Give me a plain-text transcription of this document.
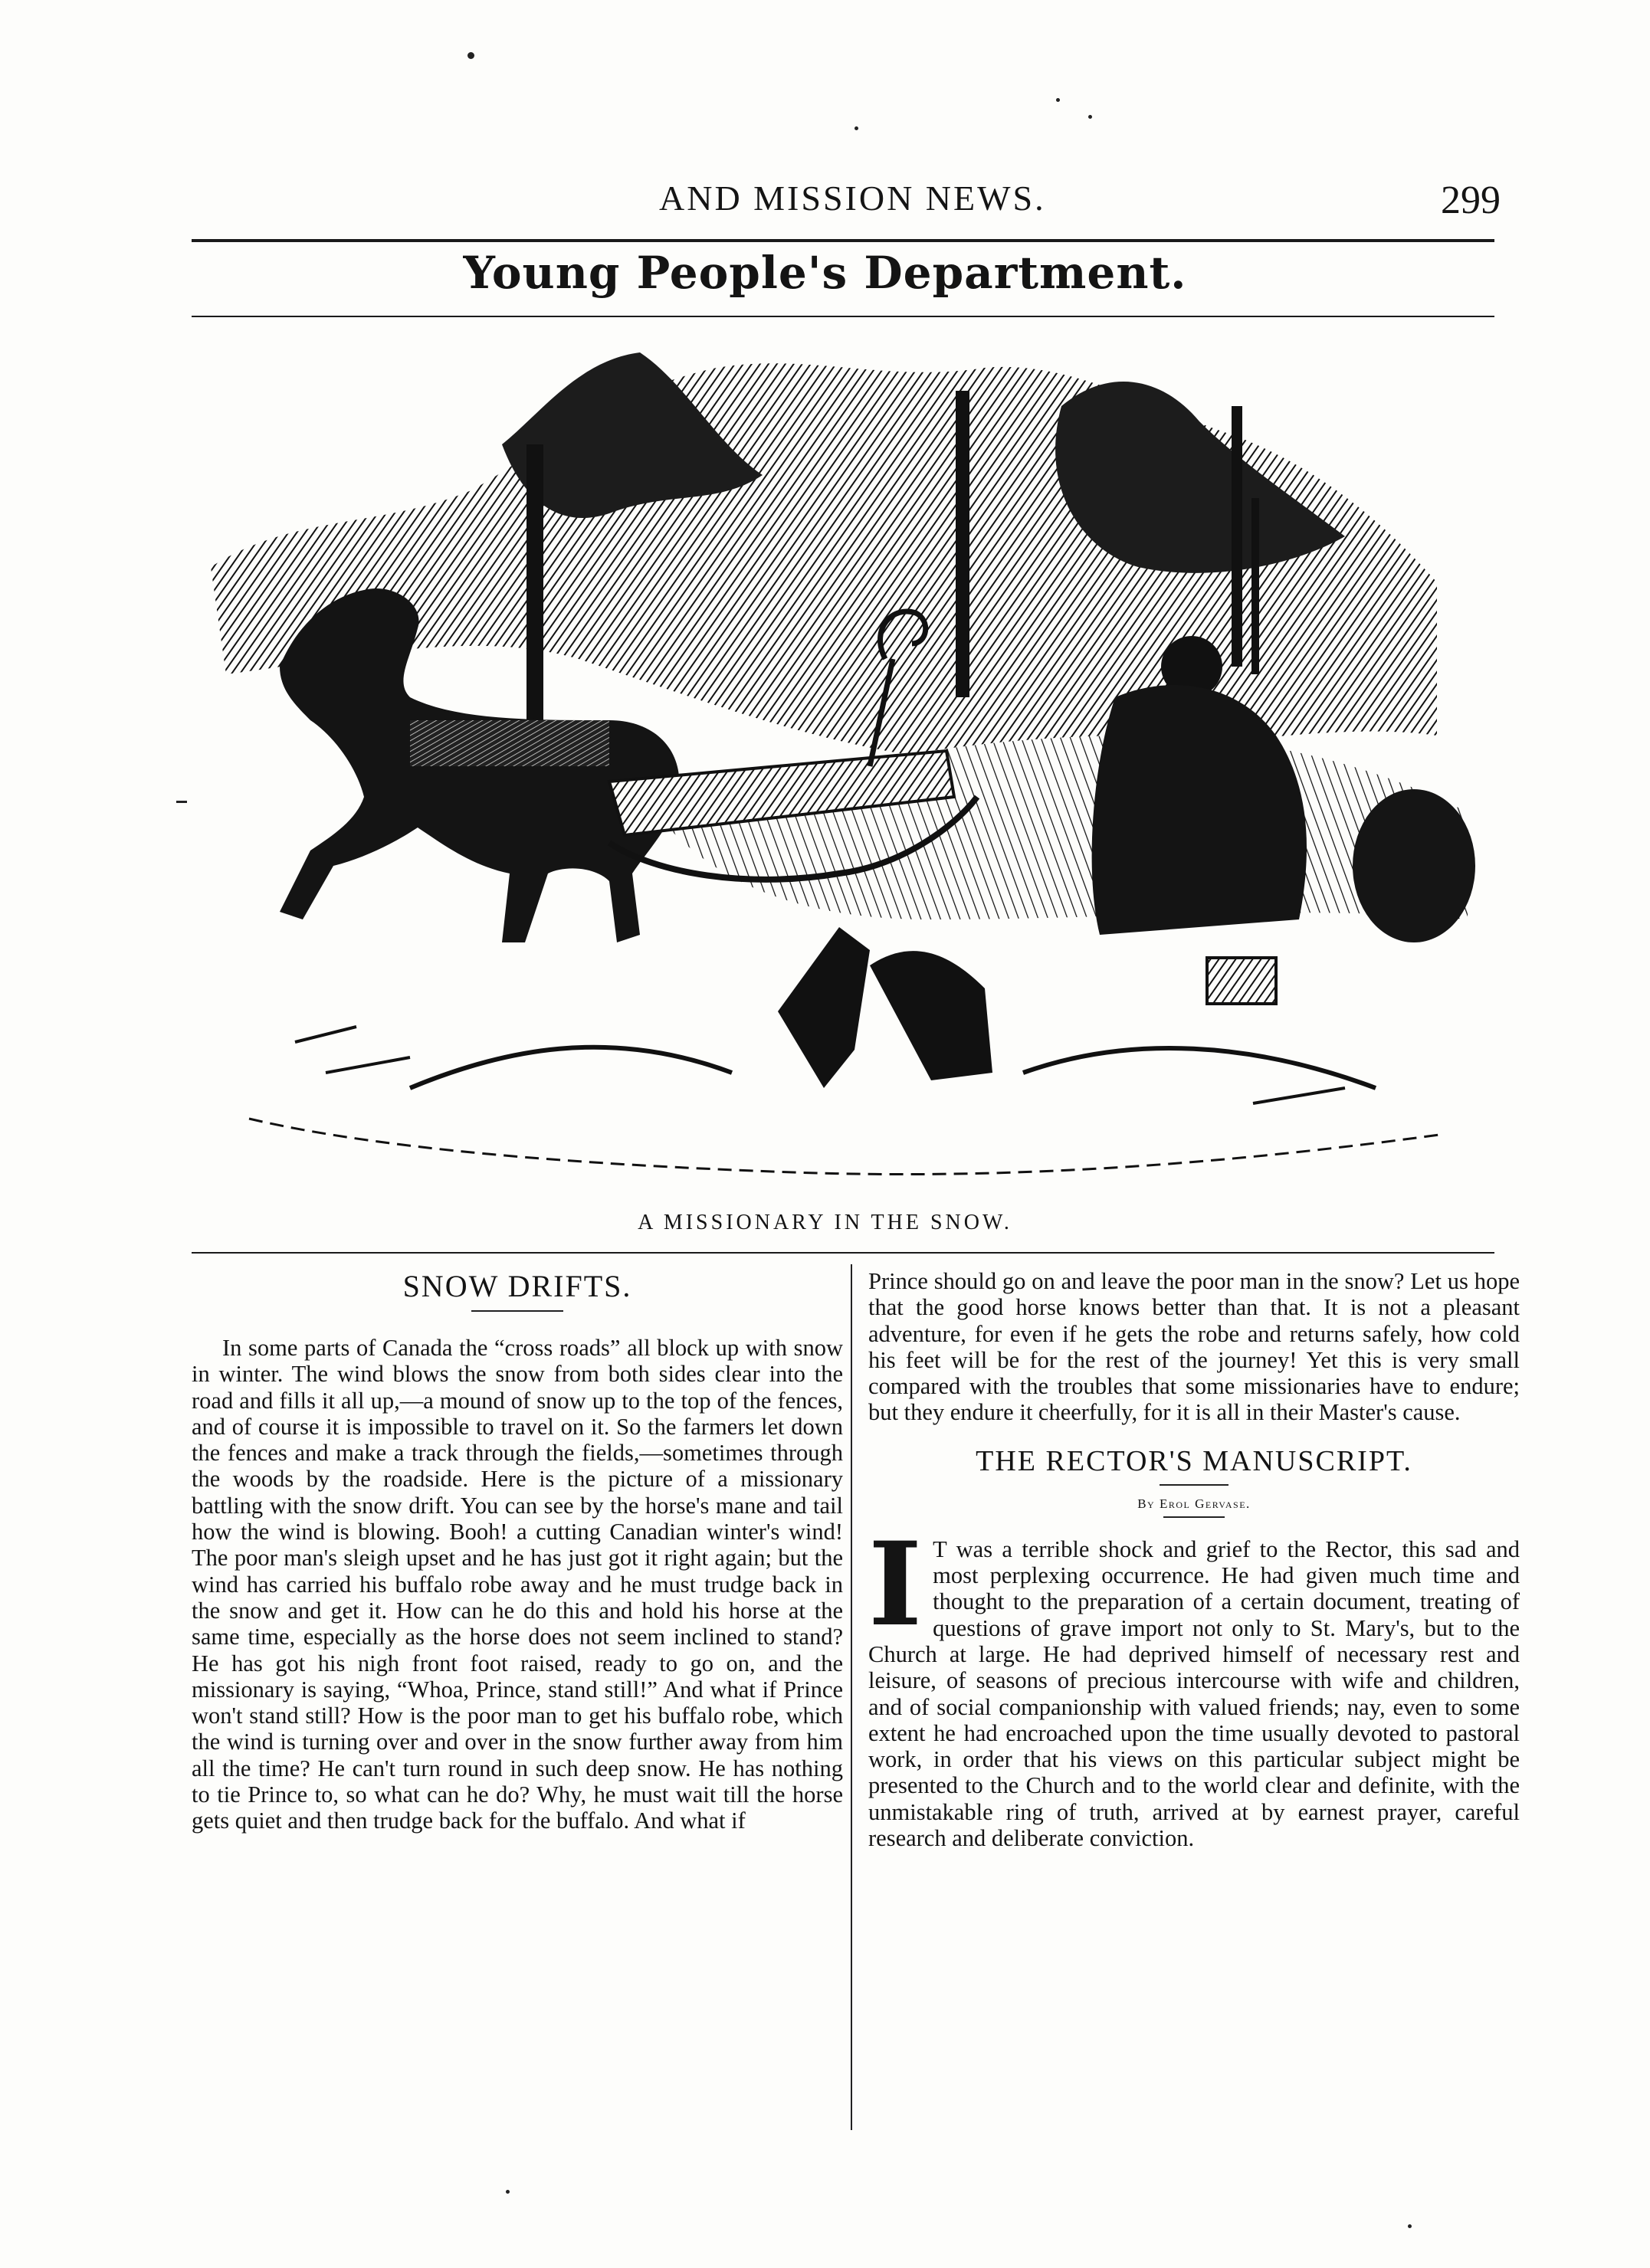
AND MISSION NEWS.	299
Young People's Department.
A MISSIONARY IN THE SNOW.
SNOW DRIFTS.

In some parts of Canada the “cross roads” all block up with snow in winter. The wind blows the snow from both sides clear into the road and fills it all up,—a mound of snow up to the top of the fences, and of course it is impossible to travel on it. So the farmers let down the fences and make a track through the fields,—sometimes through the woods by the roadside. Here is the picture of a missionary battling with the snow drift. You can see by the horse's mane and tail how the wind is blowing. Booh! a cutting Canadian winter's wind! The poor man's sleigh upset and he has just got it right again; but the wind has carried his buffalo robe away and he must trudge back in the snow and get it. How can he do this and hold his horse at the same time, especially as the horse does not seem inclined to stand? He has got his nigh front foot raised, ready to go on, and the missionary is saying, “Whoa, Prince, stand still!” And what if Prince won't stand still? How is the poor man to get his buffalo robe, which the wind is turning over and over in the snow further away from him all the time? He can't turn round in such deep snow. He has nothing to tie Prince to, so what can he do? Why, he must wait till the horse gets quiet and then trudge back for the buffalo. And what if

Prince should go on and leave the poor man in the snow? Let us hope that the good horse knows better than that. It is not a pleasant adventure, for even if he gets the robe and returns safely, how cold his feet will be for the rest of the journey! Yet this is very small compared with the troubles that some missionaries have to endure; but they endure it cheerfully, for it is all in their Master's cause.

THE RECTOR'S MANUSCRIPT.
By Erol Gervase.

I T was a terrible shock and grief to the Rector, this sad and most perplexing occurrence. He had given much time and thought to the preparation of a certain document, treating of questions of grave import not only to St. Mary's, but to the Church at large. He had deprived himself of necessary rest and leisure, of seasons of precious intercourse with wife and children, and of social companionship with valued friends; nay, even to some extent he had encroached upon the time usually devoted to pastoral work, in order that his views on this particular subject might be presented to the Church and to the world clear and definite, with the unmistakable ring of truth, arrived at by earnest prayer, careful research and deliberate conviction.
